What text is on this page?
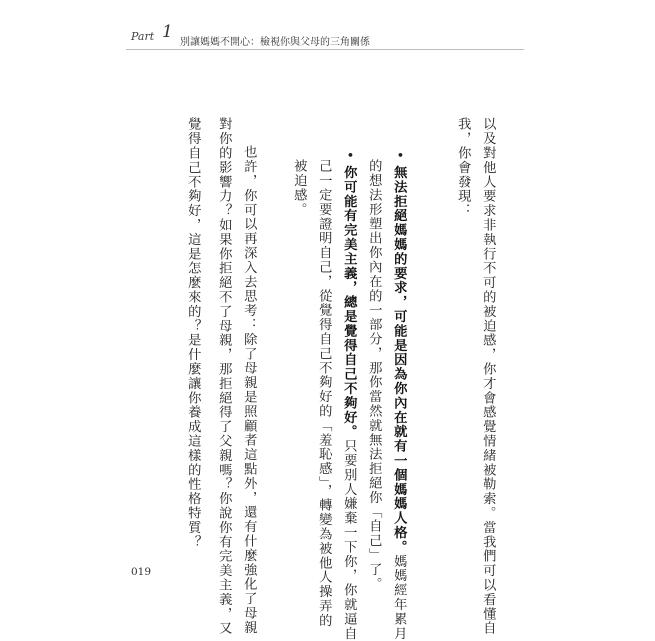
Part 1
別讓媽媽不開心：檢視你與父母的三角關係
以及對他人要求非執行不可的被迫感，你才會感覺情緒被勒索。當我們可以看懂自
我，你會發現：
• 無法拒絕媽媽的要求，可能是因為你內在就有一個媽媽人格。媽媽經年累月
的想法形塑出你內在的一部分，那你當然就無法拒絕你「自己」了。
• 你可能有完美主義，總是覺得自己不夠好。只要別人嫌棄一下你，你就逼自
己一定要證明自己，從覺得自己不夠好的「羞恥感」，轉變為被他人操弄的
被迫感。
也許，你可以再深入去思考：除了母親是照顧者這點外，還有什麼強化了母親
對你的影響力？如果你拒絕不了母親，那拒絕得了父親嗎？你說你有完美主義，又
覺得自己不夠好，這是怎麼來的？是什麼讓你養成這樣的性格特質？
019
